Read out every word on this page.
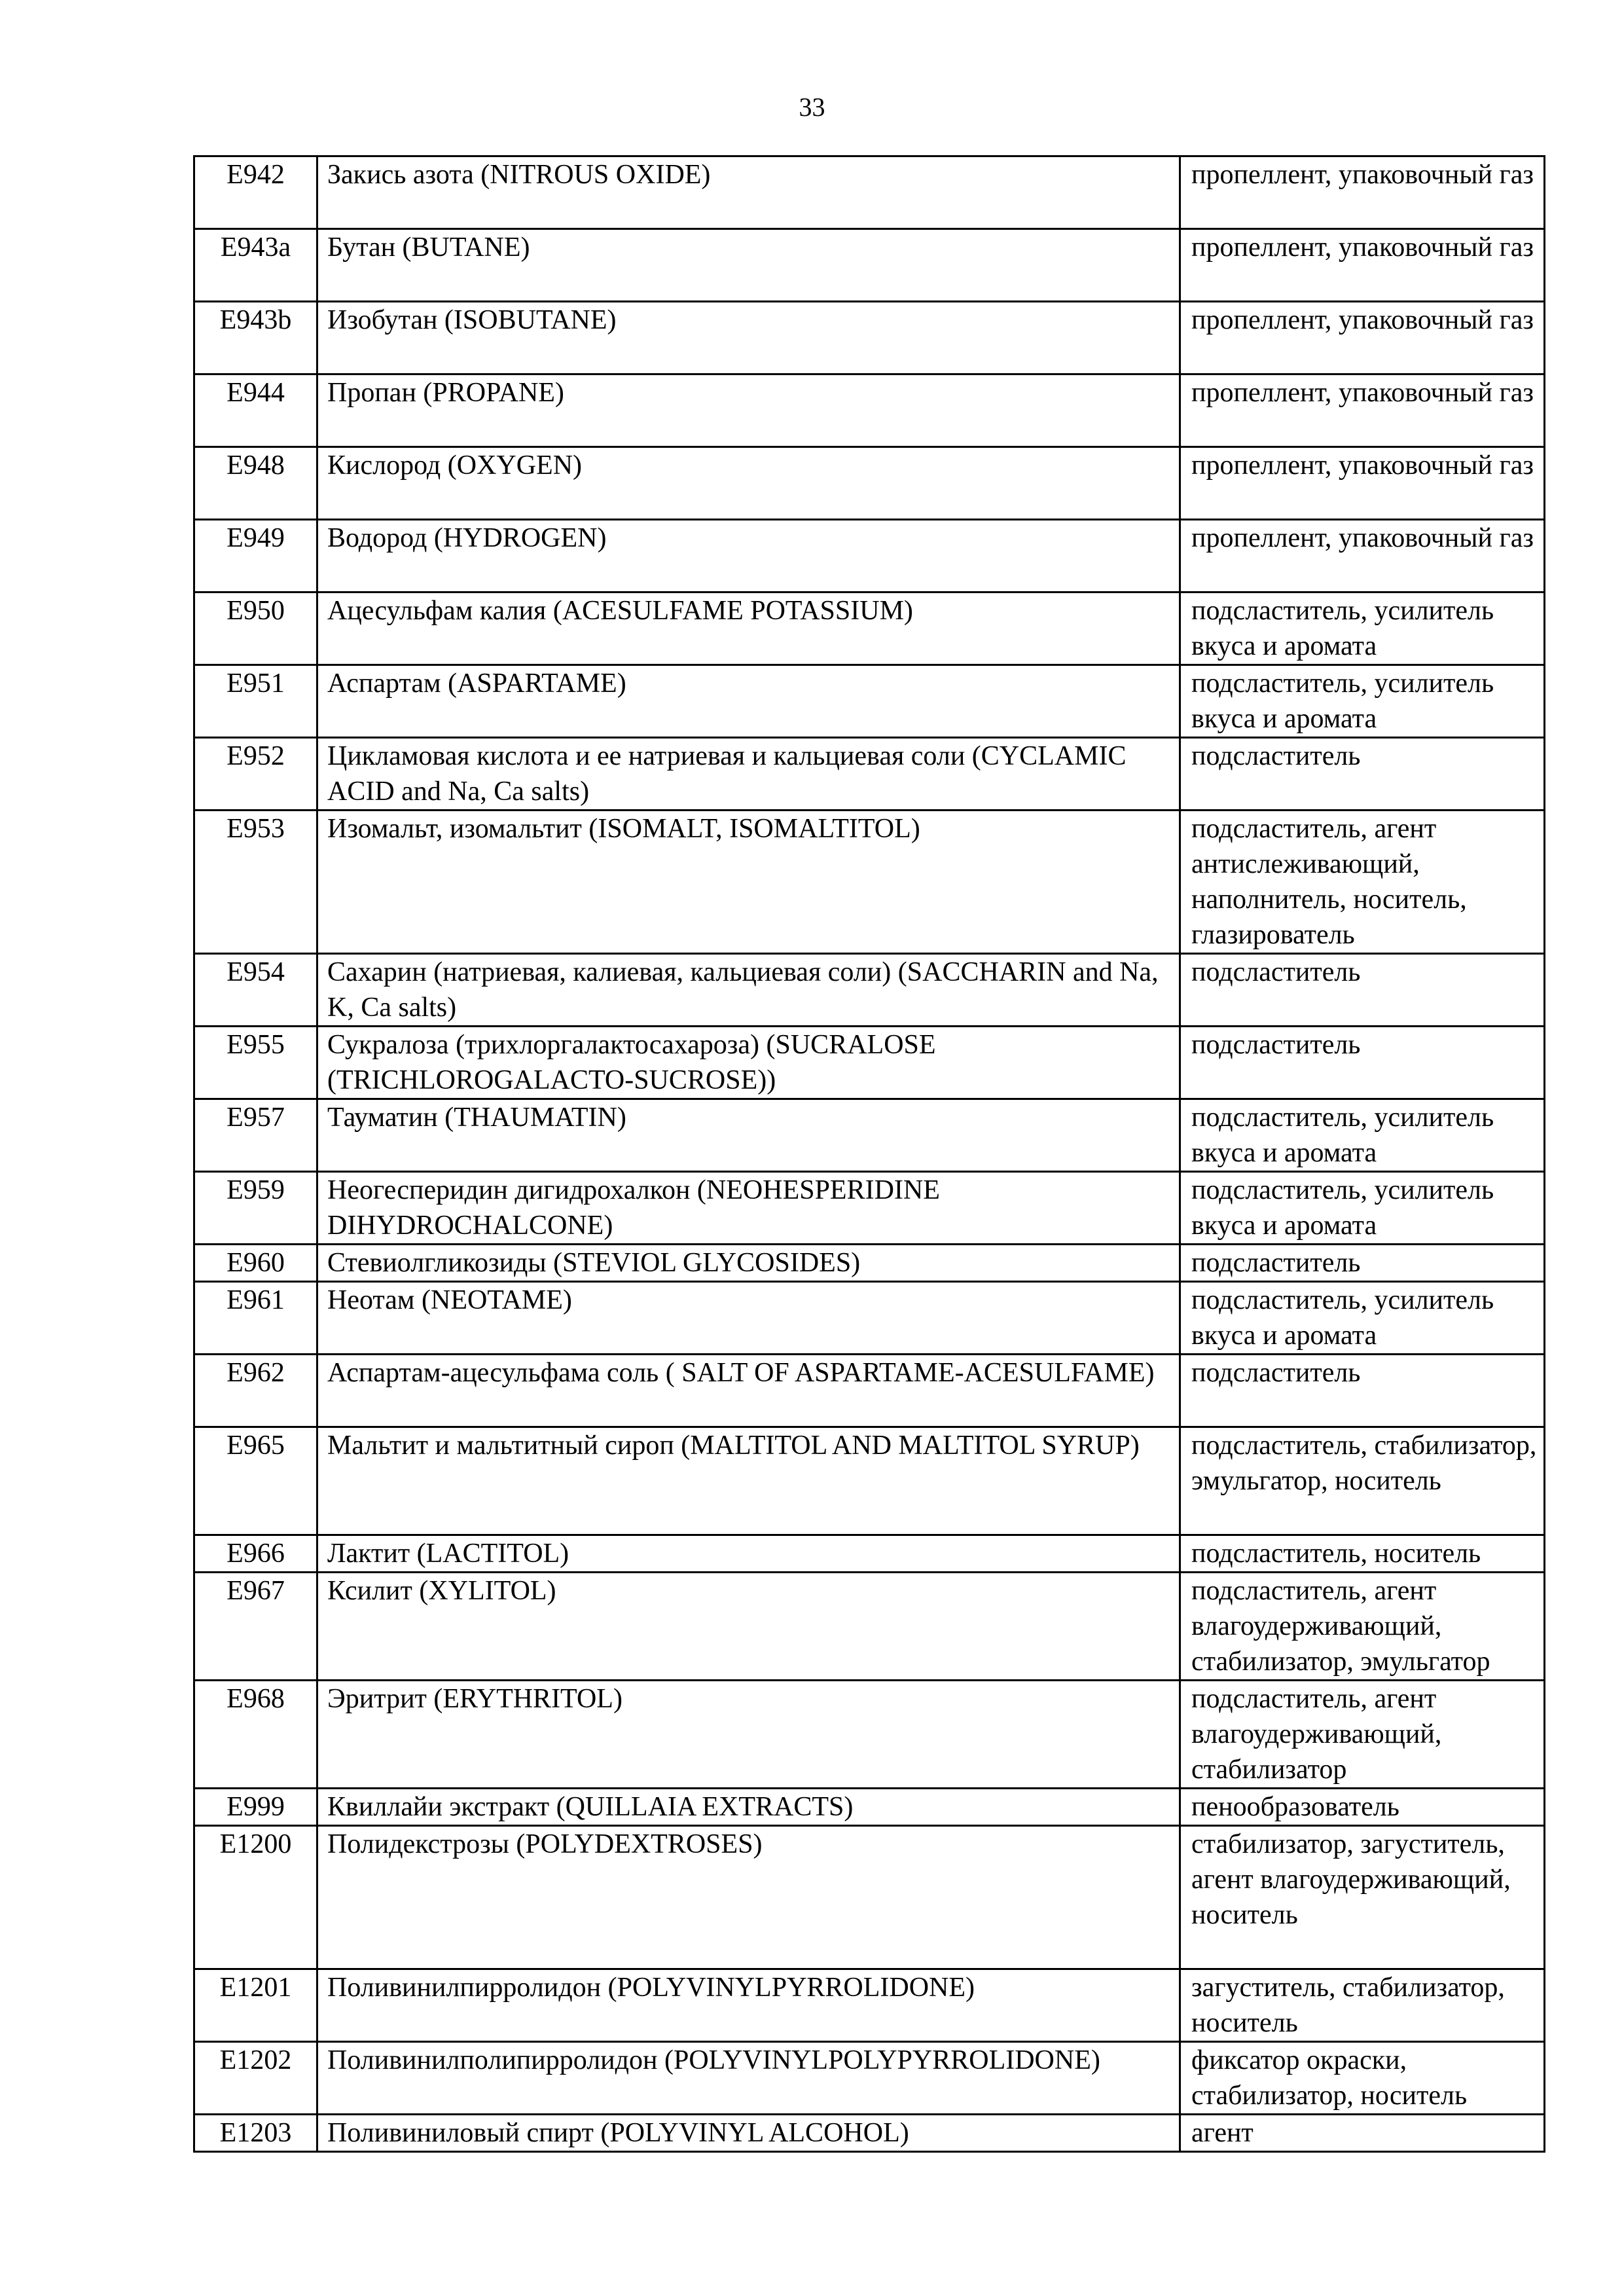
33
E942	Закись азота (NITROUS OXIDE)	пропеллент, упаковочный газ
E943a	Бутан (BUTANE)	пропеллент, упаковочный газ
E943b	Изобутан (ISOBUTANE)	пропеллент, упаковочный газ
E944	Пропан (PROPANE)	пропеллент, упаковочный газ
E948	Кислород (OXYGEN)	пропеллент, упаковочный газ
E949	Водород (HYDROGEN)	пропеллент, упаковочный газ
E950	Ацесульфам калия (ACESULFAME POTASSIUM)	подсластитель, усилитель вкуса и аромата
E951	Аспартам (ASPARTAME)	подсластитель, усилитель вкуса и аромата
E952	Цикламовая кислота и ее натриевая и кальциевая соли (CYCLAMIC ACID and Na, Ca salts)	подсластитель
E953	Изомальт, изомальтит (ISOMALT, ISOMALTITOL)	подсластитель, агент антислеживающий, наполнитель, носитель, глазирователь
E954	Сахарин (натриевая, калиевая, кальциевая соли) (SACCHARIN and Na, K, Ca salts)	подсластитель
E955	Сукралоза (трихлоргалактосахароза) (SUCRALOSE (TRICHLOROGALACTO-SUCROSE))	подсластитель
E957	Тауматин (THAUMATIN)	подсластитель, усилитель вкуса и аромата
E959	Неогесперидин дигидрохалкон (NEOHESPERIDINE DIHYDROCHALCONE)	подсластитель, усилитель вкуса и аромата
E960	Стевиолгликозиды (STEVIOL GLYCOSIDES)	подсластитель
E961	Неотам (NEOTAME)	подсластитель, усилитель вкуса и аромата
E962	Аспартам-ацесульфама соль ( SALT OF ASPARTAME-ACESULFAME)	подсластитель
E965	Мальтит и мальтитный сироп (MALTITOL AND MALTITOL SYRUP)	подсластитель, стабилизатор, эмульгатор, носитель
E966	Лактит (LACTITOL)	подсластитель, носитель
E967	Ксилит (XYLITOL)	подсластитель, агент влагоудерживающий, стабилизатор, эмульгатор
E968	Эритрит (ERYTHRITOL)	подсластитель, агент влагоудерживающий, стабилизатор
E999	Квиллайи экстракт (QUILLAIA EXTRACTS)	пенообразователь
E1200	Полидекстрозы (POLYDEXTROSES)	стабилизатор, загуститель, агент влагоудерживающий, носитель
E1201	Поливинилпирролидон (POLYVINYLPYRROLIDONE)	загуститель, стабилизатор, носитель
E1202	Поливинилполипирролидон (POLYVINYLPOLYPYRROLIDONE)	фиксатор окраски, стабилизатор, носитель
E1203	Поливиниловый спирт (POLYVINYL ALCOHOL)	агент
